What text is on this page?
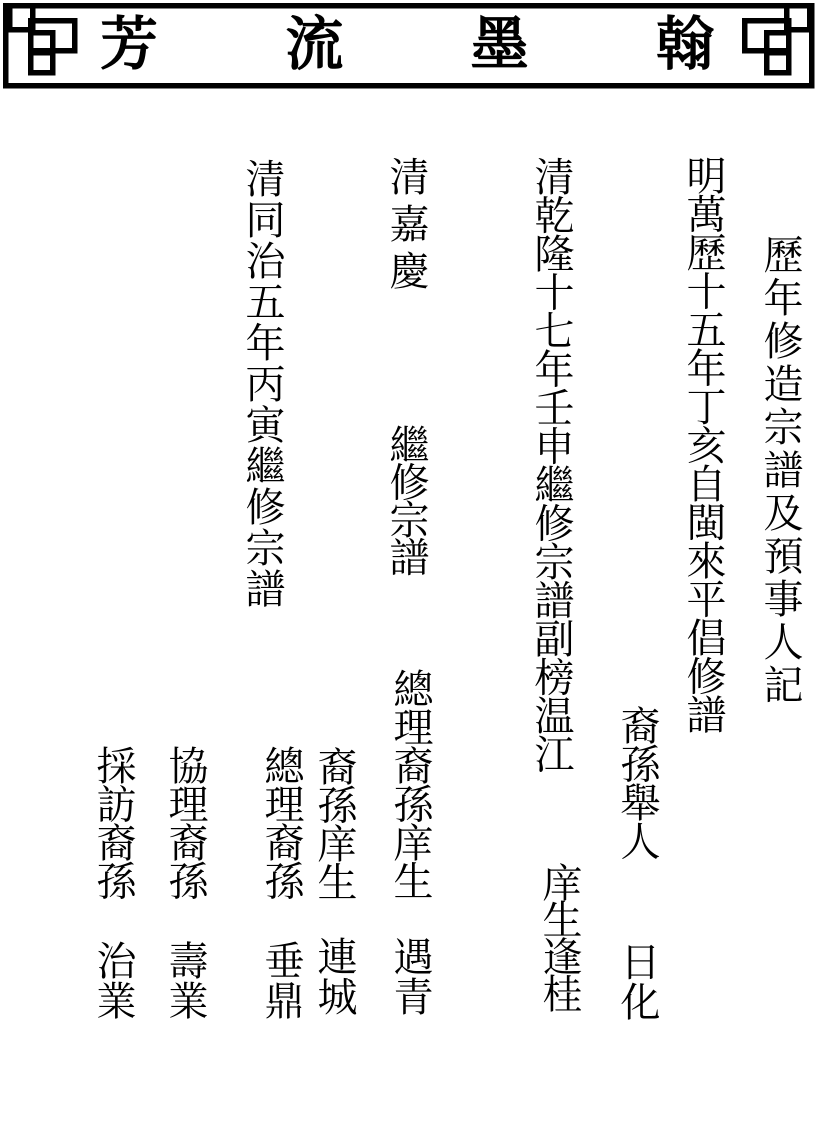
芳 流 墨 翰
歷年修造宗譜及預事人記
明萬歷十五年丁亥自閩來平倡修譜
裔孫舉人
日化
清乾隆十七年壬申繼修宗譜副榜温江
庠生
逢桂
清嘉慶
繼修宗譜
總理裔孫庠生
遇青
裔孫庠生
連城
清同治五年丙寅繼修宗譜
總理裔孫
垂鼎
協理裔孫
壽業
採訪裔孫
治業
